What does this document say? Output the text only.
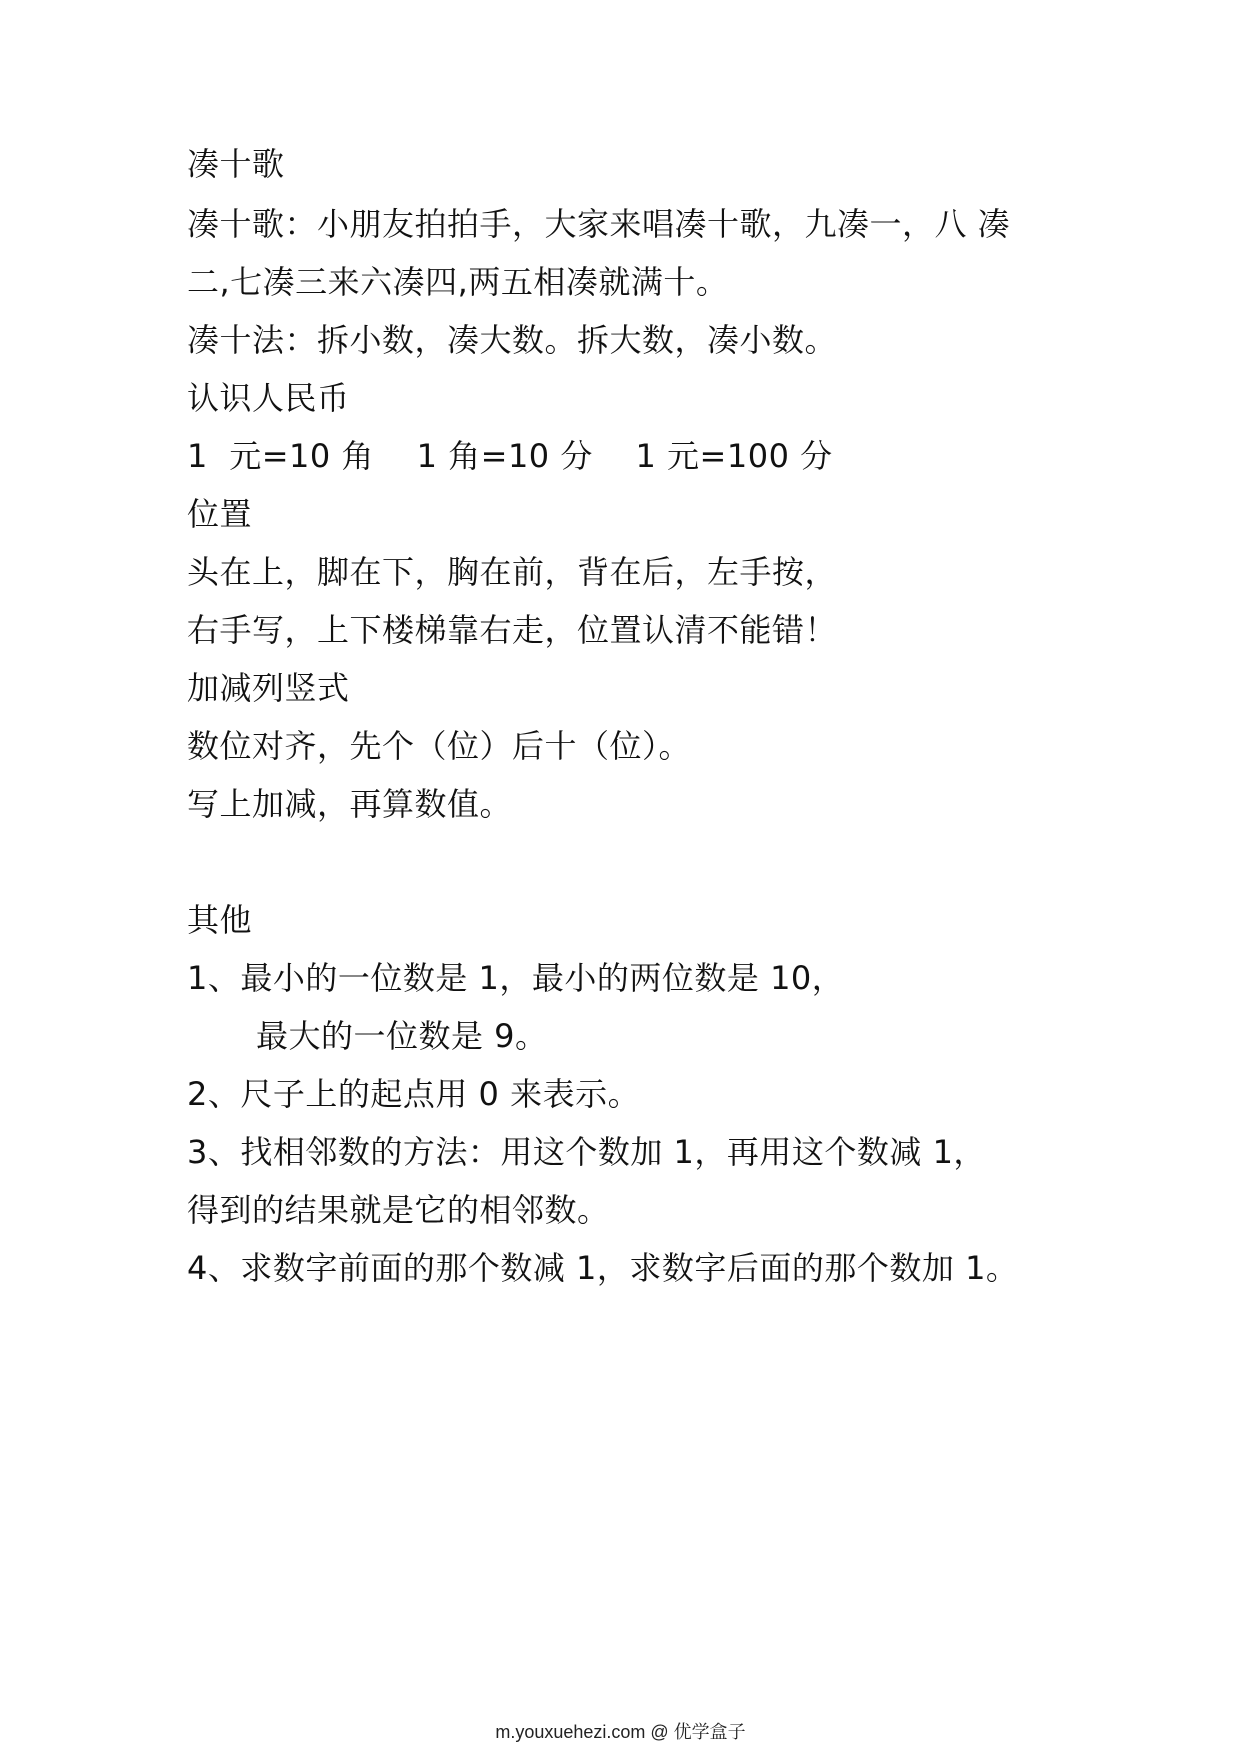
凑十歌
凑十歌：小朋友拍拍手，大家来唱凑十歌，九凑一，八 凑
二,七凑三来六凑四,两五相凑就满十。
凑十法：拆小数，凑大数。拆大数，凑小数。
认识人民币
1  元=10 角    1 角=10 分    1 元=100 分
位置
头在上，脚在下，胸在前，背在后，左手按，
右手写，上下楼梯靠右走，位置认清不能错！
加减列竖式
数位对齐，先个（位）后十（位）。
写上加减，再算数值。
其他
1、最小的一位数是 1，最小的两位数是 10，
最大的一位数是 9。
2、尺子上的起点用 0 来表示。
3、找相邻数的方法：用这个数加 1，再用这个数减 1，
得到的结果就是它的相邻数。
4、求数字前面的那个数减 1，求数字后面的那个数加 1。
m.youxuehezi.com @ 优学盒子
